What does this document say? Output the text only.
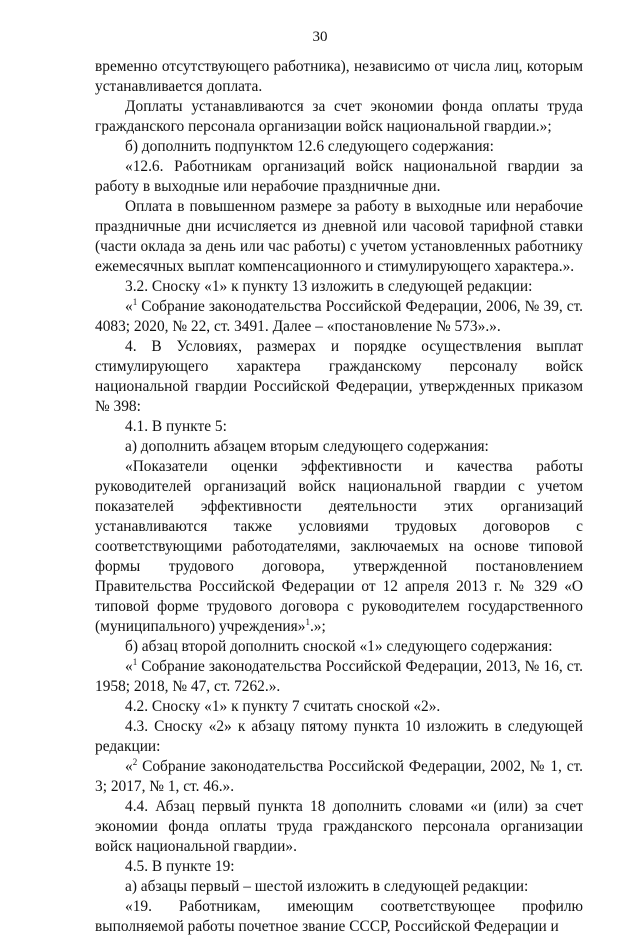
30

временно отсутствующего работника), независимо от числа лиц, которым устанавливается доплата.

Доплаты устанавливаются за счет экономии фонда оплаты труда гражданского персонала организации войск национальной гвардии.»;

б) дополнить подпунктом 12.6 следующего содержания:

«12.6. Работникам организаций войск национальной гвардии за работу в выходные или нерабочие праздничные дни.

Оплата в повышенном размере за работу в выходные или нерабочие праздничные дни исчисляется из дневной или часовой тарифной ставки (части оклада за день или час работы) с учетом установленных работнику ежемесячных выплат компенсационного и стимулирующего характера.».

3.2. Сноску «1» к пункту 13 изложить в следующей редакции:

«$^1$ Собрание законодательства Российской Федерации, 2006, № 39, ст. 4083; 2020, № 22, ст. 3491. Далее – «постановление № 573».».

4. В Условиях, размерах и порядке осуществления выплат стимулирующего характера гражданскому персоналу войск национальной гвардии Российской Федерации, утвержденных приказом № 398:

4.1. В пункте 5:

а) дополнить абзацем вторым следующего содержания:

«Показатели оценки эффективности и качества работы руководителей организаций войск национальной гвардии с учетом показателей эффективности деятельности этих организаций устанавливаются также условиями трудовых договоров с соответствующими работодателями, заключаемых на основе типовой формы трудового договора, утвержденной постановлением Правительства Российской Федерации от 12 апреля 2013 г. № 329 «О типовой форме трудового договора с руководителем государственного (муниципального) учреждения»$^1$.»;

б) абзац второй дополнить сноской «1» следующего содержания:

«$^1$ Собрание законодательства Российской Федерации, 2013, № 16, ст. 1958; 2018, № 47, ст. 7262.».

4.2. Сноску «1» к пункту 7 считать сноской «2».

4.3. Сноску «2» к абзацу пятому пункта 10 изложить в следующей редакции:

«$^2$ Собрание законодательства Российской Федерации, 2002, № 1, ст. 3; 2017, № 1, ст. 46.».

4.4. Абзац первый пункта 18 дополнить словами «и (или) за счет экономии фонда оплаты труда гражданского персонала организации войск национальной гвардии».

4.5. В пункте 19:

а) абзацы первый – шестой изложить в следующей редакции:

«19. Работникам, имеющим соответствующее профилю выполняемой работы почетное звание СССР, Российской Федерации и
